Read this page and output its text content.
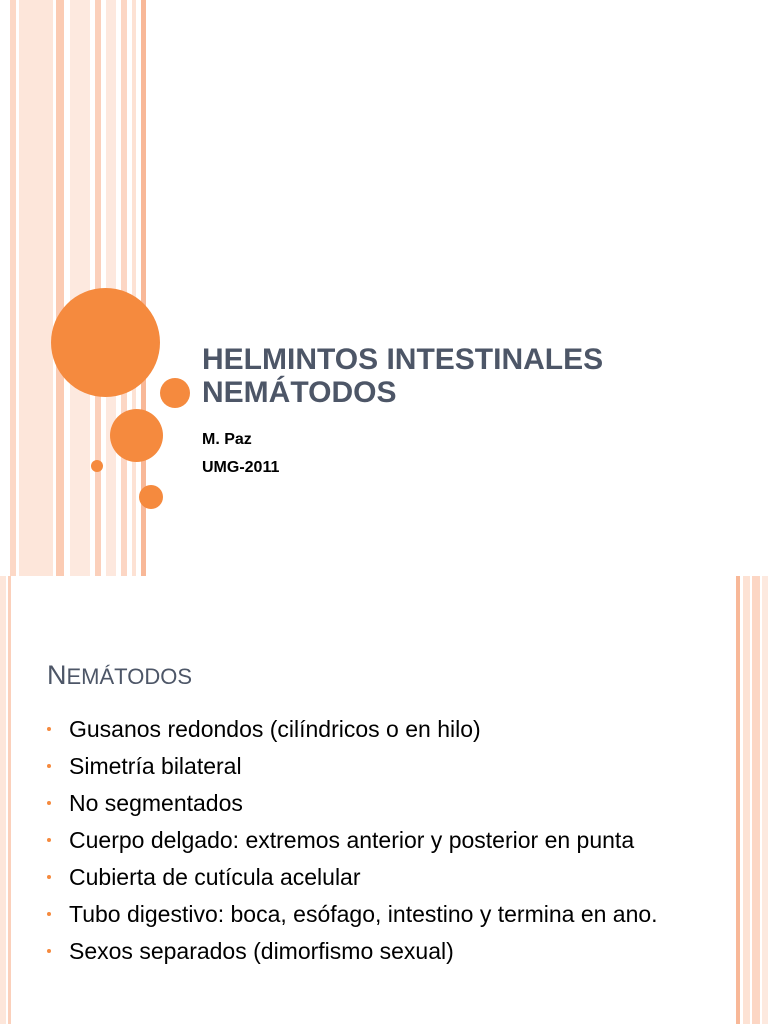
HELMINTOS INTESTINALES
NEMÁTODOS
M. Paz
UMG-2011
NEMÁTODOS
Gusanos redondos (cilíndricos o en hilo)
Simetría bilateral
No segmentados
Cuerpo delgado: extremos anterior y posterior en punta
Cubierta de cutícula acelular
Tubo digestivo: boca, esófago, intestino y termina en ano.
Sexos separados (dimorfismo sexual)
